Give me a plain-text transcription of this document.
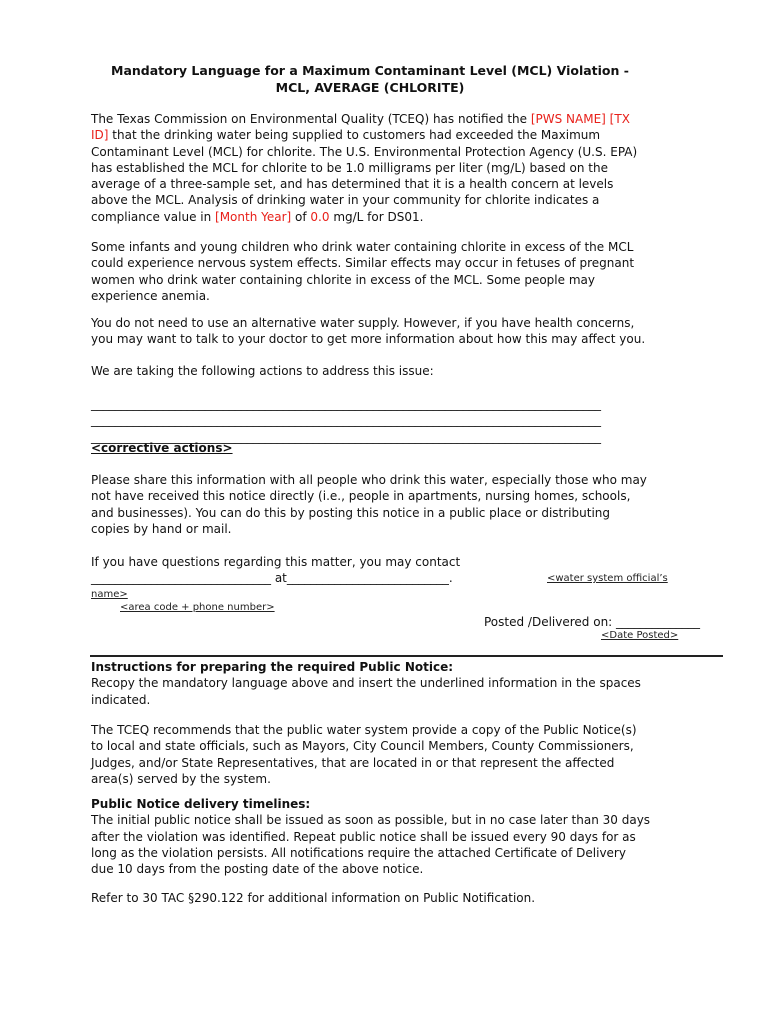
Mandatory Language for a Maximum Contaminant Level (MCL) Violation -
MCL, AVERAGE (CHLORITE)
The Texas Commission on Environmental Quality (TCEQ) has notified the [PWS NAME] [TX
ID] that the drinking water being supplied to customers had exceeded the Maximum
Contaminant Level (MCL) for chlorite. The U.S. Environmental Protection Agency (U.S. EPA)
has established the MCL for chlorite to be 1.0 milligrams per liter (mg/L) based on the
average of a three-sample set, and has determined that it is a health concern at levels
above the MCL. Analysis of drinking water in your community for chlorite indicates a
compliance value in [Month Year] of 0.0 mg/L for DS01.
Some infants and young children who drink water containing chlorite in excess of the MCL
could experience nervous system effects. Similar effects may occur in fetuses of pregnant
women who drink water containing chlorite in excess of the MCL. Some people may
experience anemia.
You do not need to use an alternative water supply. However, if you have health concerns,
you may want to talk to your doctor to get more information about how this may affect you.
We are taking the following actions to address this issue:
_____________________________________________________________________________________
_____________________________________________________________________________________
_____________________________________________________________________________________
<corrective actions>
Please share this information with all people who drink this water, especially those who may
not have received this notice directly (i.e., people in apartments, nursing homes, schools,
and businesses). You can do this by posting this notice in a public place or distributing
copies by hand or mail.
If you have questions regarding this matter, you may contact
______________________________ at___________________________.	<water system official’s
name>
<area code + phone number>
Posted /Delivered on: ______________
<Date Posted>
Instructions for preparing the required Public Notice:
Recopy the mandatory language above and insert the underlined information in the spaces
indicated.
The TCEQ recommends that the public water system provide a copy of the Public Notice(s)
to local and state officials, such as Mayors, City Council Members, County Commissioners,
Judges, and/or State Representatives, that are located in or that represent the affected
area(s) served by the system.
Public Notice delivery timelines:
The initial public notice shall be issued as soon as possible, but in no case later than 30 days
after the violation was identified. Repeat public notice shall be issued every 90 days for as
long as the violation persists. All notifications require the attached Certificate of Delivery
due 10 days from the posting date of the above notice.
Refer to 30 TAC §290.122 for additional information on Public Notification.
